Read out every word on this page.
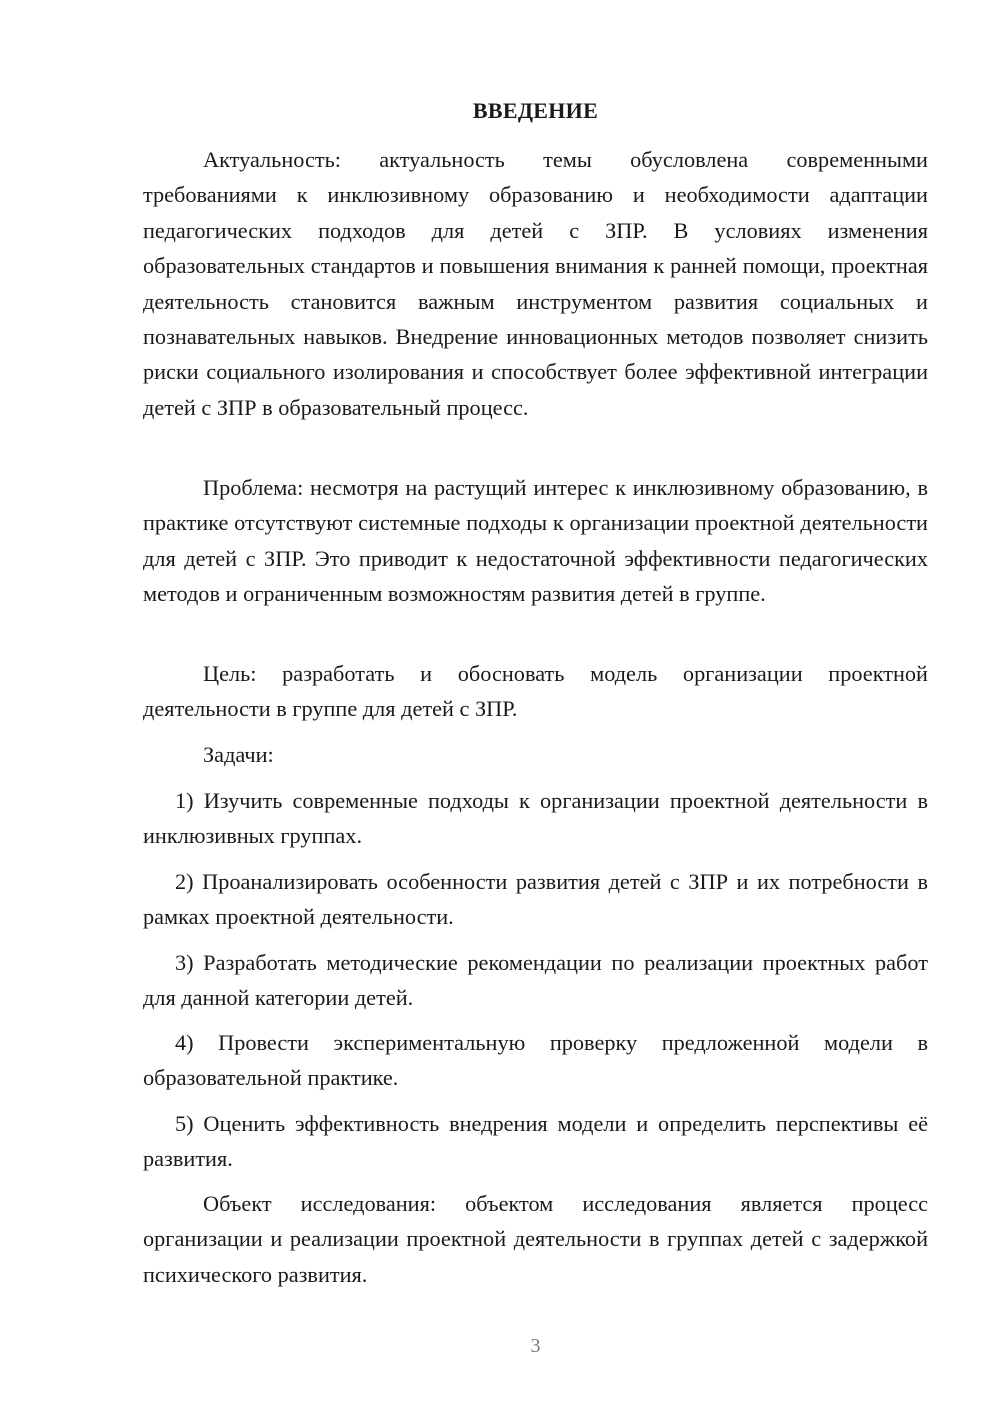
ВВЕДЕНИЕ

Актуальность: актуальность темы обусловлена современными требованиями к инклюзивному образованию и необходимости адаптации педагогических подходов для детей с ЗПР. В условиях изменения образовательных стандартов и повышения внимания к ранней помощи, проектная деятельность становится важным инструментом развития социальных и познавательных навыков. Внедрение инновационных методов позволяет снизить риски социального изолирования и способствует более эффективной интеграции детей с ЗПР в образовательный процесс.

Проблема: несмотря на растущий интерес к инклюзивному образованию, в практике отсутствуют системные подходы к организации проектной деятельности для детей с ЗПР. Это приводит к недостаточной эффективности педагогических методов и ограниченным возможностям развития детей в группе.

Цель: разработать и обосновать модель организации проектной деятельности в группе для детей с ЗПР.

Задачи:

1) Изучить современные подходы к организации проектной деятельности в инклюзивных группах.

2) Проанализировать особенности развития детей с ЗПР и их потребности в рамках проектной деятельности.

3) Разработать методические рекомендации по реализации проектных работ для данной категории детей.

4) Провести экспериментальную проверку предложенной модели в образовательной практике.

5) Оценить эффективность внедрения модели и определить перспективы её развития.

Объект исследования: объектом исследования является процесс организации и реализации проектной деятельности в группах детей с задержкой психического развития.

3
